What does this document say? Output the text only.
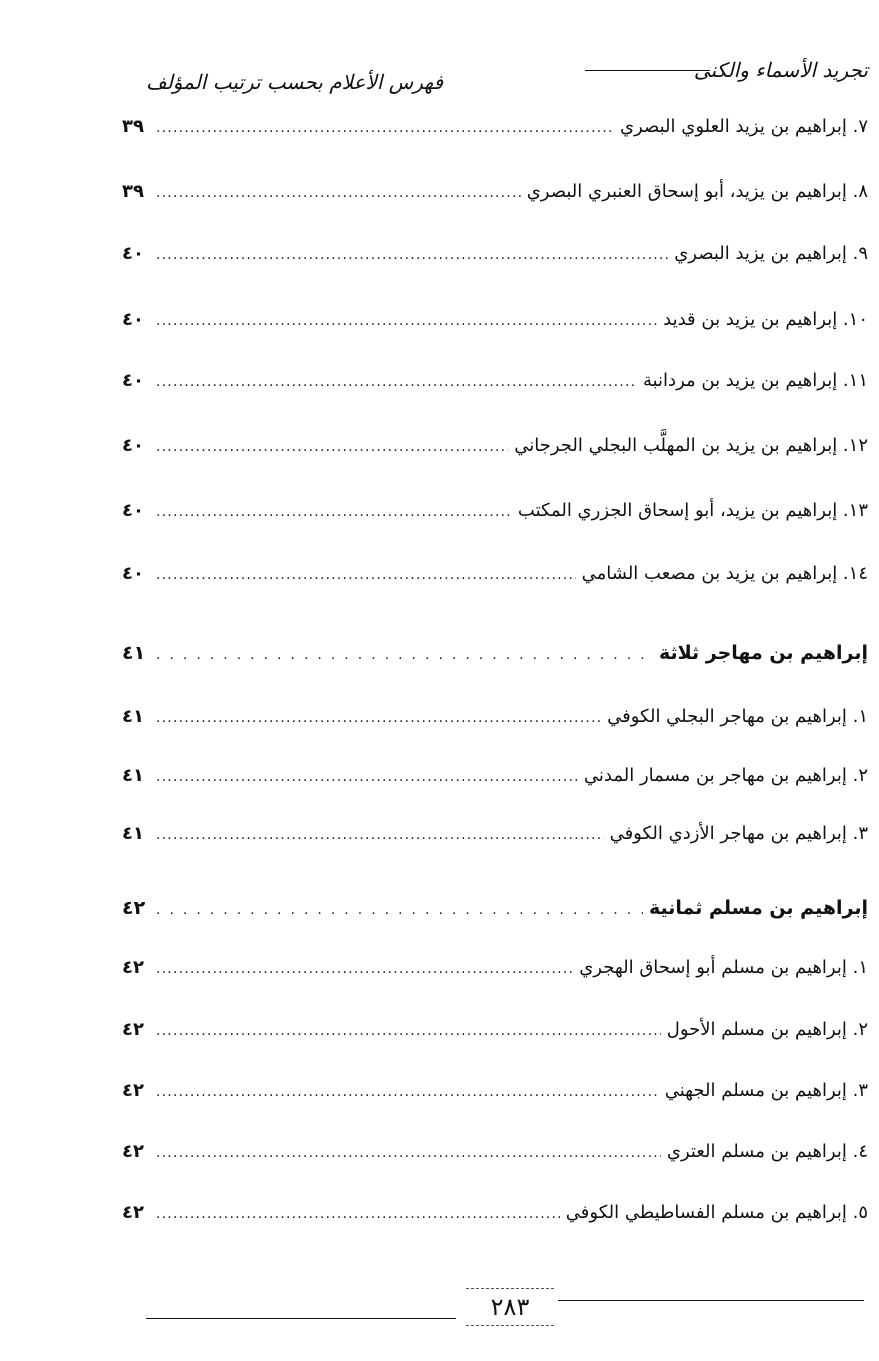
تجريد الأسماء والكنى
فهرس الأعلام بحسب ترتيب المؤلف
٧. إبراهيم بن يزيد العلوي البصري
.....
٣٩
٨. إبراهيم بن يزيد، أبو إسحاق العنبري البصري
.....
٣٩
٩. إبراهيم بن يزيد البصري
.....
٤٠
١٠. إبراهيم بن يزيد بن قديد
.....
٤٠
١١. إبراهيم بن يزيد بن مردانبة
.....
٤٠
١٢. إبراهيم بن يزيد بن المهلَّب البجلي الجرجاني
.....
٤٠
١٣. إبراهيم بن يزيد، أبو إسحاق الجزري المكتب
.....
٤٠
١٤. إبراهيم بن يزيد بن مصعب الشامي
.....
٤٠
إبراهيم بن مهاجر ثلاثة
.....
٤١
١. إبراهيم بن مهاجر البجلي الكوفي
.....
٤١
٢. إبراهيم بن مهاجر بن مسمار المدني
.....
٤١
٣. إبراهيم بن مهاجر الأزدي الكوفي
.....
٤١
إبراهيم بن مسلم ثمانية
.....
٤٢
١. إبراهيم بن مسلم أبو إسحاق الهجري
.....
٤٢
٢. إبراهيم بن مسلم الأحول
.....
٤٢
٣. إبراهيم بن مسلم الجهني
.....
٤٢
٤. إبراهيم بن مسلم العتري
.....
٤٢
٥. إبراهيم بن مسلم الفساطيطي الكوفي
.....
٤٢
٢٨٣
